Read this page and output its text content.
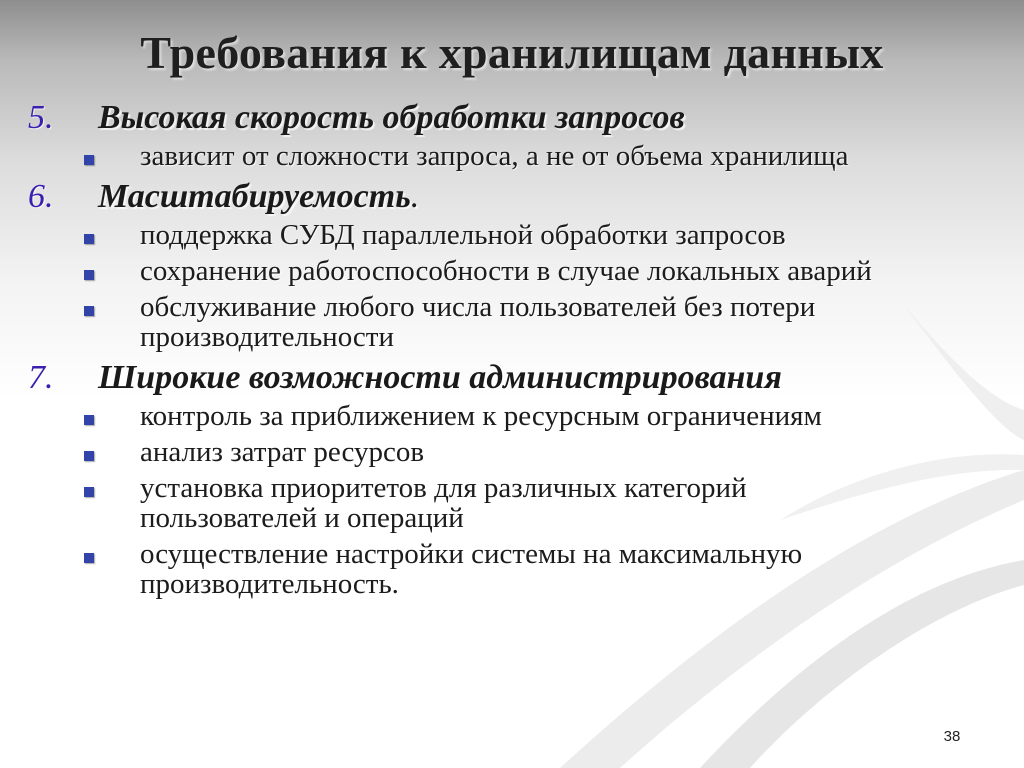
Требования к хранилищам данных
5.	Высокая скорость обработки запросов
зависит от сложности запроса, а не от объема хранилища
6.	Масштабируемость.
поддержка СУБД параллельной обработки запросов
сохранение работоспособности в случае локальных аварий
обслуживание любого числа пользователей без потери производительности
7.	Широкие возможности администрирования
контроль за приближением к ресурсным ограничениям
анализ затрат ресурсов
установка приоритетов для различных категорий пользователей и операций
осуществление настройки системы на максимальную производительность.
38
